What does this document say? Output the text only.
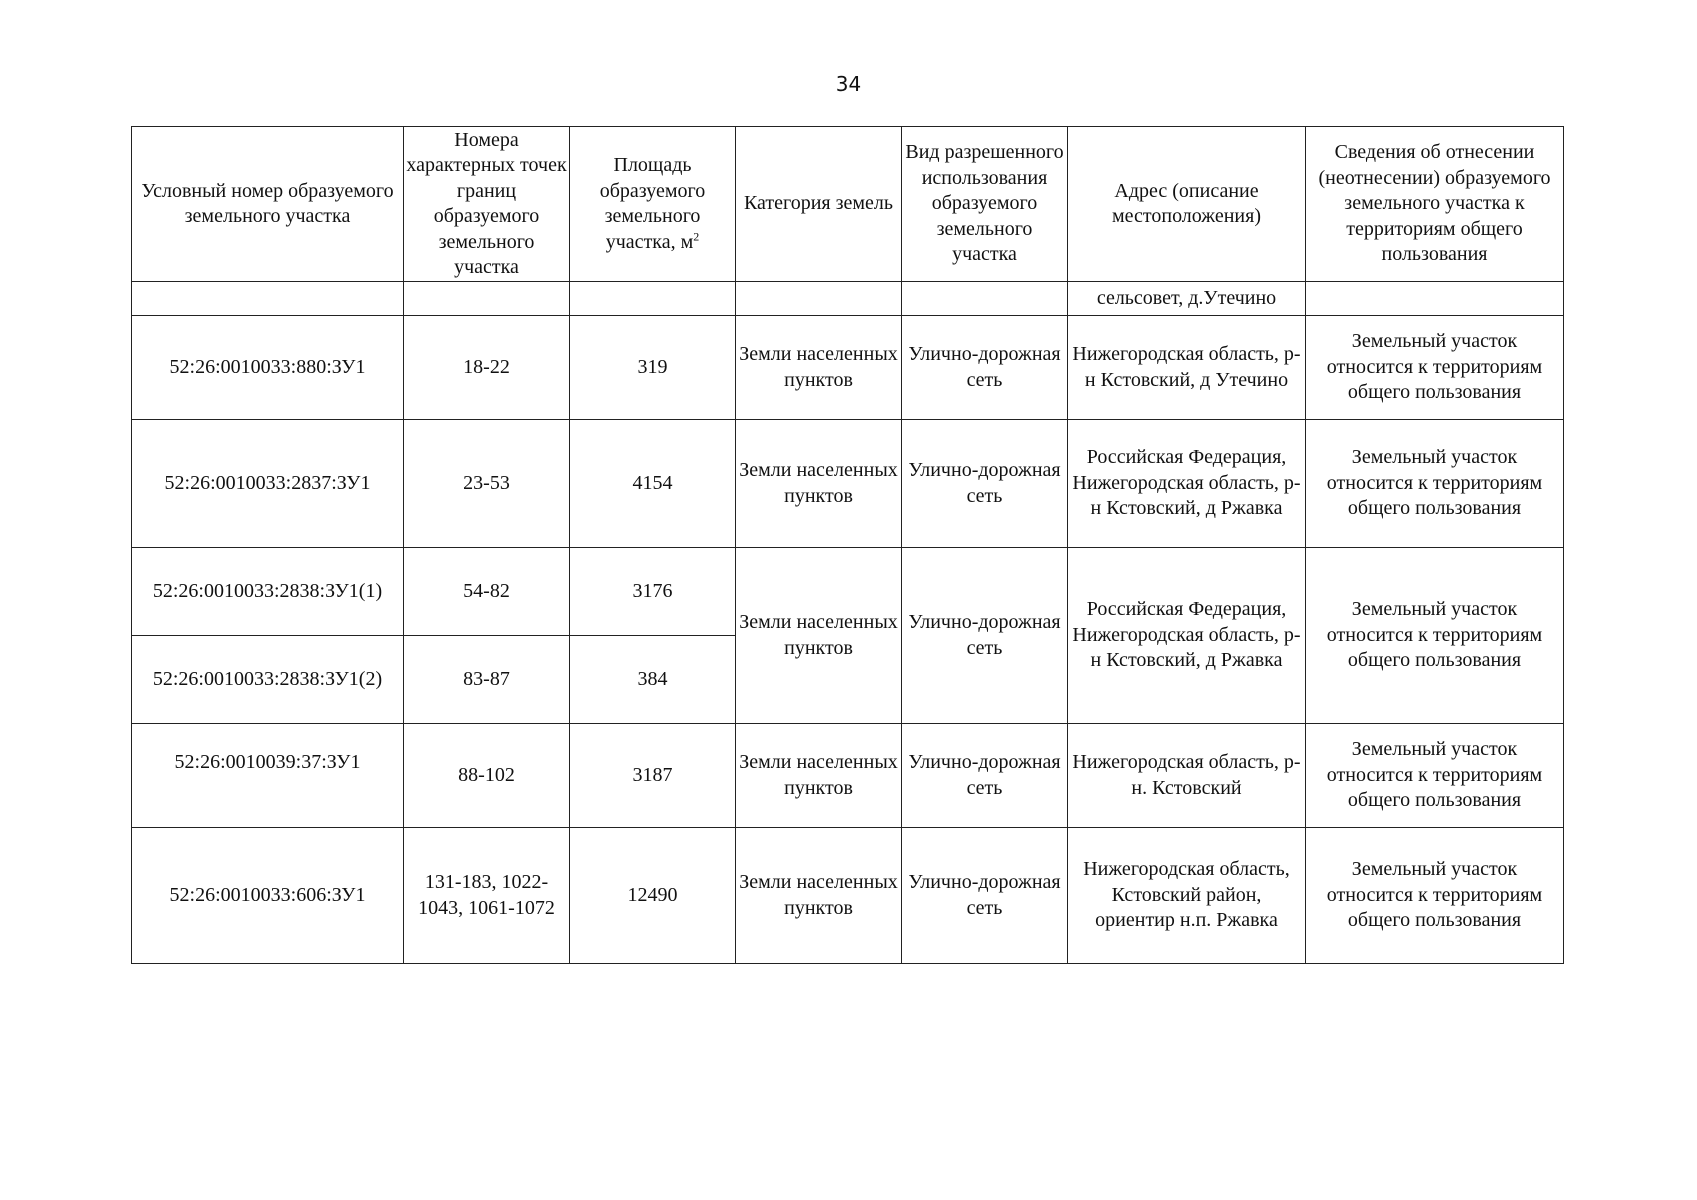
34
Условный номер образуемого земельного участка	Номера характерных точек границ образуемого земельного участка	Площадь образуемого земельного участка, $м^2$	Категория земель	Вид разрешенного использования образуемого земельного участка	Адрес (описание местоположения)	Сведения об отнесении (неотнесении) образуемого земельного участка к территориям общего пользования
					сельсовет, д.Утечино	
52:26:0010033:880:ЗУ1	18-22	319	Земли населенных пунктов	Улично-дорожная сеть	Нижегородская область, р-н Кстовский, д Утечино	Земельный участок относится к территориям общего пользования
52:26:0010033:2837:ЗУ1	23-53	4154	Земли населенных пунктов	Улично-дорожная сеть	Российская Федерация, Нижегородская область, р-н Кстовский, д Ржавка	Земельный участок относится к территориям общего пользования
52:26:0010033:2838:ЗУ1(1)	54-82	3176	Земли населенных пунктов	Улично-дорожная сеть	Российская Федерация, Нижегородская область, р-н Кстовский, д Ржавка	Земельный участок относится к территориям общего пользования
52:26:0010033:2838:ЗУ1(2)	83-87	384				
52:26:0010039:37:ЗУ1	88-102	3187	Земли населенных пунктов	Улично-дорожная сеть	Нижегородская область, р-н. Кстовский	Земельный участок относится к территориям общего пользования
52:26:0010033:606:ЗУ1	131-183, 1022-1043, 1061-1072	12490	Земли населенных пунктов	Улично-дорожная сеть	Нижегородская область, Кстовский район, ориентир н.п. Ржавка	Земельный участок относится к территориям общего пользования
